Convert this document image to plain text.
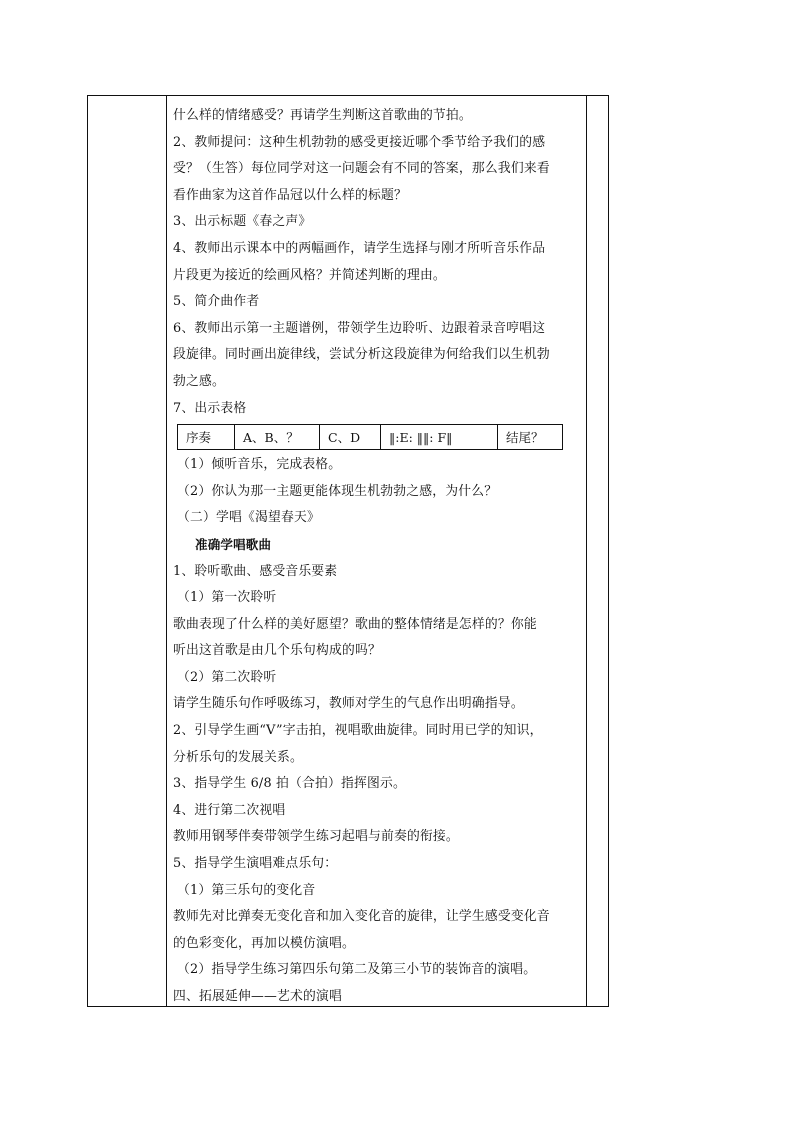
什么样的情绪感受？再请学生判断这首歌曲的节拍。
2、教师提问：这种生机勃勃的感受更接近哪个季节给予我们的感
受？（生答）每位同学对这一问题会有不同的答案，那么我们来看
看作曲家为这首作品冠以什么样的标题？
3、出示标题《春之声》
4、教师出示课本中的两幅画作，请学生选择与刚才所听音乐作品
片段更为接近的绘画风格？并简述判断的理由。
5、简介曲作者
6、教师出示第一主题谱例，带领学生边聆听、边跟着录音哼唱这
段旋律。同时画出旋律线，尝试分析这段旋律为何给我们以生机勃
勃之感。
7、出示表格
序奏	A、B、？	C、D	‖:E: ‖‖: F‖	结尾？
（1）倾听音乐，完成表格。
（2）你认为那一主题更能体现生机勃勃之感，为什么？
（二）学唱《渴望春天》
准确学唱歌曲
1、聆听歌曲、感受音乐要素
（1）第一次聆听
歌曲表现了什么样的美好愿望？歌曲的整体情绪是怎样的？你能
听出这首歌是由几个乐句构成的吗？
（2）第二次聆听
请学生随乐句作呼吸练习，教师对学生的气息作出明确指导。
2、引导学生画“V”字击拍，视唱歌曲旋律。同时用已学的知识，
分析乐句的发展关系。
3、指导学生 6/8 拍（合拍）指挥图示。
4、进行第二次视唱
教师用钢琴伴奏带领学生练习起唱与前奏的衔接。
5、指导学生演唱难点乐句：
（1）第三乐句的变化音
教师先对比弹奏无变化音和加入变化音的旋律，让学生感受变化音
的色彩变化，再加以模仿演唱。
（2）指导学生练习第四乐句第二及第三小节的装饰音的演唱。
四、拓展延伸——艺术的演唱
